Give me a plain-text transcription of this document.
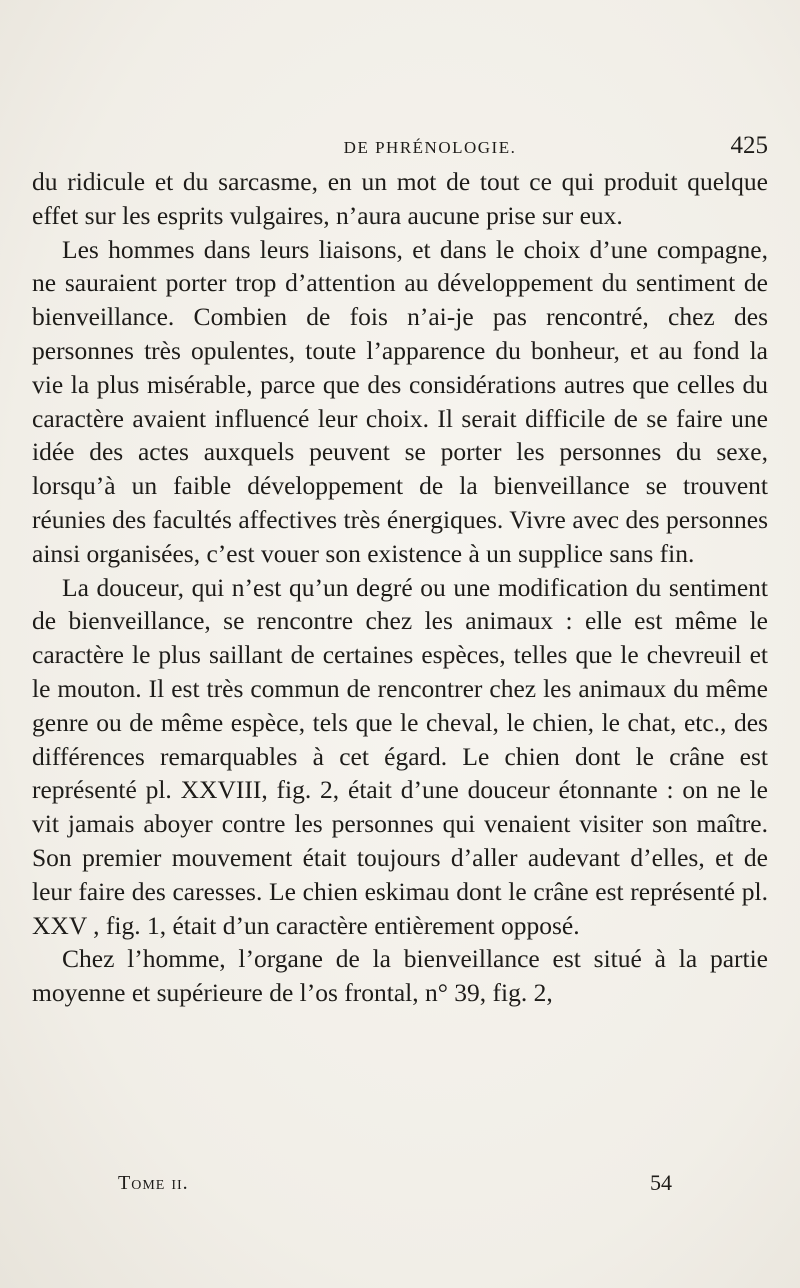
DE PHRÉNOLOGIE.	425

du ridicule et du sarcasme, en un mot de tout ce qui produit quelque effet sur les esprits vulgaires, n’aura aucune prise sur eux.

Les hommes dans leurs liaisons, et dans le choix d’une compagne, ne sauraient porter trop d’attention au développement du sentiment de bienveillance. Combien de fois n’ai-je pas rencontré, chez des personnes très opulentes, toute l’apparence du bonheur, et au fond la vie la plus misérable, parce que des considérations autres que celles du caractère avaient influencé leur choix. Il serait difficile de se faire une idée des actes auxquels peuvent se porter les personnes du sexe, lorsqu’à un faible développement de la bienveillance se trouvent réunies des facultés affectives très énergiques. Vivre avec des personnes ainsi organisées, c’est vouer son existence à un supplice sans fin.

La douceur, qui n’est qu’un degré ou une modification du sentiment de bienveillance, se rencontre chez les animaux : elle est même le caractère le plus saillant de certaines espèces, telles que le chevreuil et le mouton. Il est très commun de rencontrer chez les animaux du même genre ou de même espèce, tels que le cheval, le chien, le chat, etc., des différences remarquables à cet égard. Le chien dont le crâne est représenté pl. XXVIII, fig. 2, était d’une douceur étonnante : on ne le vit jamais aboyer contre les personnes qui venaient visiter son maître. Son premier mouvement était toujours d’aller audevant d’elles, et de leur faire des caresses. Le chien eskimau dont le crâne est représenté pl. XXV , fig. 1, était d’un caractère entièrement opposé.

Chez l’homme, l’organe de la bienveillance est situé à la partie moyenne et supérieure de l’os frontal, n° 39, fig. 2,

Tome ii.	54
